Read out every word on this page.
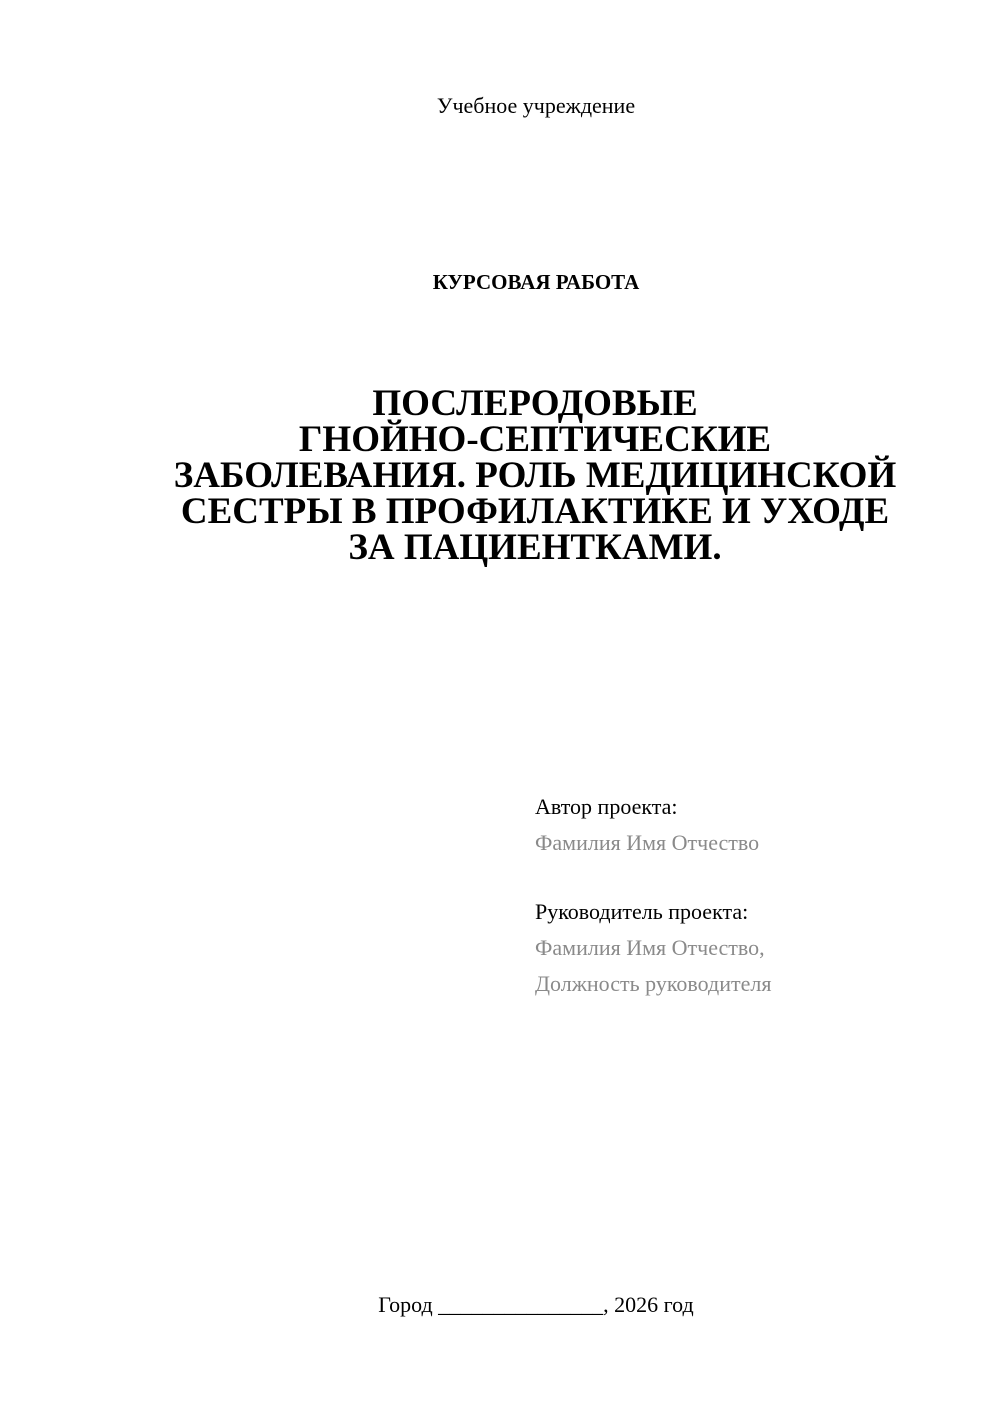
Учебное учреждение
КУРСОВАЯ РАБОТА
ПОСЛЕРОДОВЫЕ
ГНОЙНО-СЕПТИЧЕСКИЕ
ЗАБОЛЕВАНИЯ. РОЛЬ МЕДИЦИНСКОЙ
СЕСТРЫ В ПРОФИЛАКТИКЕ И УХОДЕ
ЗА ПАЦИЕНТКАМИ.
Автор проекта:
Фамилия Имя Отчество
Руководитель проекта:
Фамилия Имя Отчество,
Должность руководителя
Город _______________, 2026 год
